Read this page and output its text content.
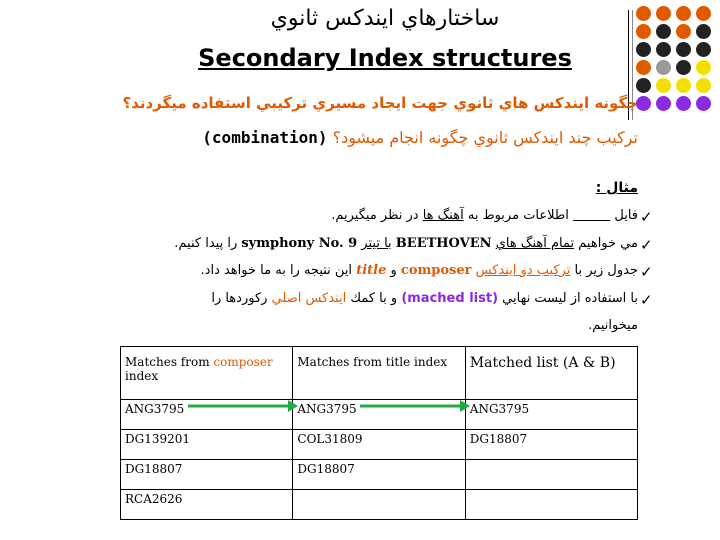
ساختارهاي ايندکس ثانوي
Secondary Index structures
چگونه ايندکس هاي ثانوي جهت ايجاد مسيري ترکيبي استفاده ميگردند؟
ترکيب چند ايندکس ثانوي چگونه انجام ميشود؟ (combination)
مثال :
✓
✓
✓
✓
فايل           اطلاعات مربوط به آهنگ ها در نظر ميگيريم.
مي خواهيم تمام آهنگ هاي BEETHOVEN با تيتر symphony No. 9 را پيدا كنيم.
جدول زير با تركيب دو ايندكس composer و title اين نتيجه را به ما خواهد داد.
با استفاده از ليست نهايي (mached list) و با كمك ايندكس اصلي ركوردها را
ميخوانيم.
Matches from composer index	Matches from title index	Matched list (A & B)
ANG3795	ANG3795	ANG3795
DG139201	COL31809	DG18807
DG18807	DG18807	
RCA2626		
